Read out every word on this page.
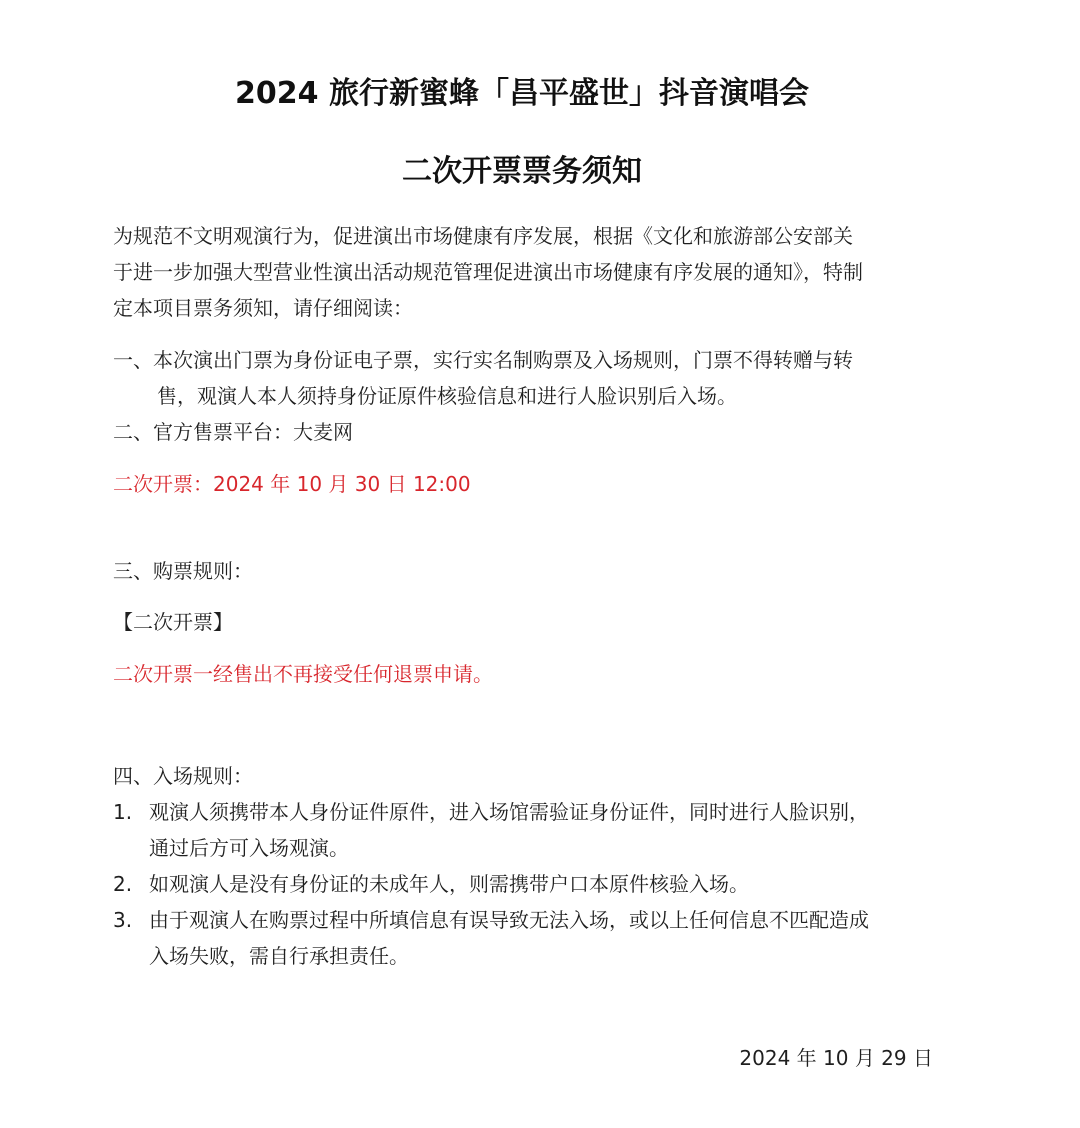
2024 旅行新蜜蜂「昌平盛世」抖音演唱会
二次开票票务须知
为规范不文明观演行为，促进演出市场健康有序发展，根据《文化和旅游部公安部关
于进一步加强大型营业性演出活动规范管理促进演出市场健康有序发展的通知》，特制
定本项目票务须知，请仔细阅读：
一、本次演出门票为身份证电子票，实行实名制购票及入场规则，门票不得转赠与转
售，观演人本人须持身份证原件核验信息和进行人脸识别后入场。
二、官方售票平台：大麦网
二次开票：2024 年 10 月 30 日 12:00
三、购票规则：
【二次开票】
二次开票一经售出不再接受任何退票申请。
四、入场规则：
1. 观演人须携带本人身份证件原件，进入场馆需验证身份证件，同时进行人脸识别，
通过后方可入场观演。
2. 如观演人是没有身份证的未成年人，则需携带户口本原件核验入场。
3. 由于观演人在购票过程中所填信息有误导致无法入场，或以上任何信息不匹配造成
入场失败，需自行承担责任。
2024 年 10 月 29 日
